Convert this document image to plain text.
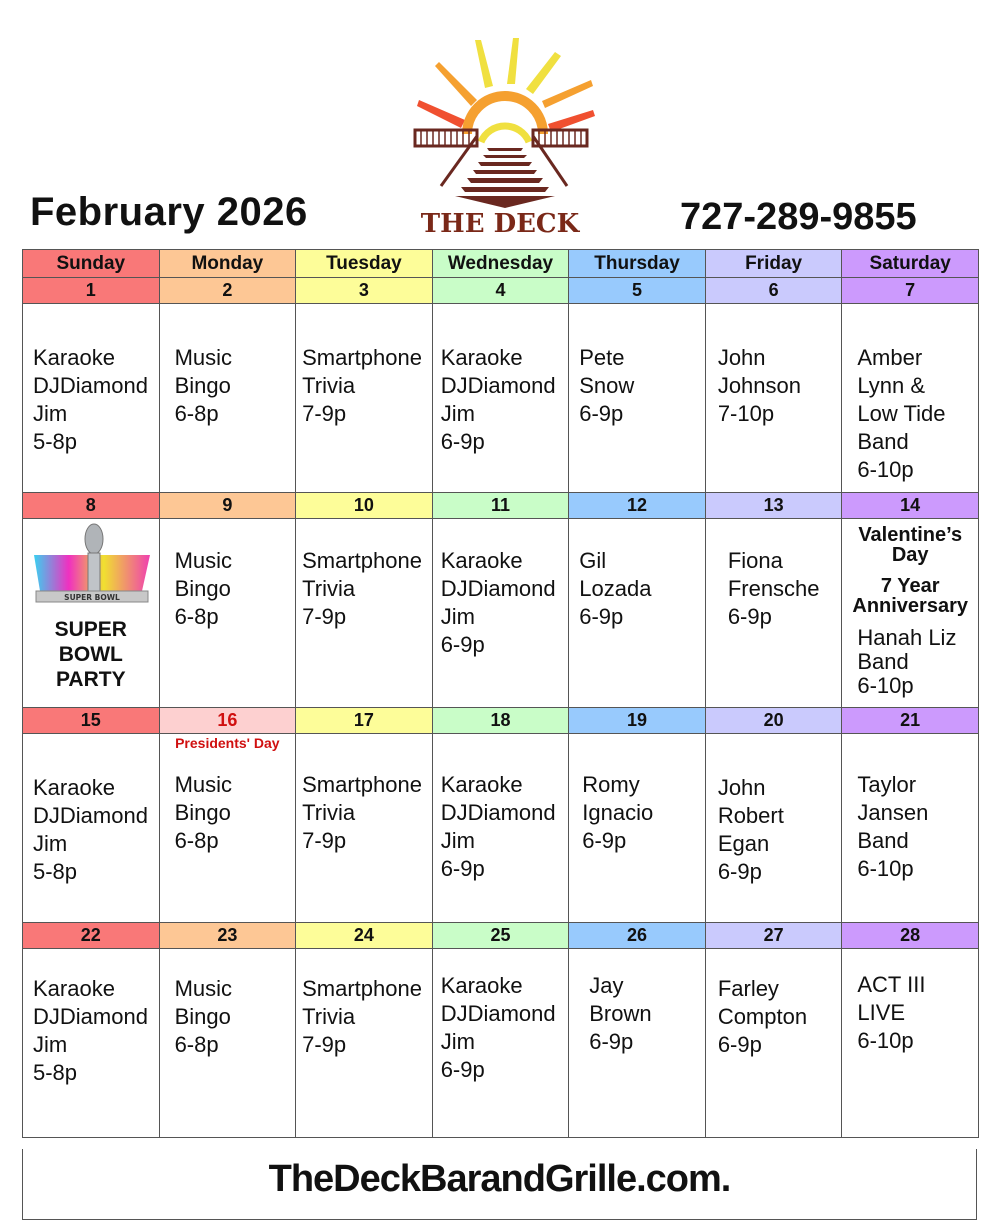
THE DECK
February 2026	727-289-9855
Sunday	Monday	Tuesday	Wednesday	Thursday	Friday	Saturday
1	2	3	4	5	6	7

Karaoke
DJDiamond
Jim
5-8p

Music
Bingo
6-8p

Smartphone
Trivia
7-9p

Karaoke
DJDiamond
Jim
6-9p

Pete
Snow
6-9p

John
Johnson
7-10p

Amber
Lynn &
Low Tide
Band
6-10p

8	9	10	11	12	13	14

SUPER BOWL
SUPER
BOWL
PARTY

Music
Bingo
6-8p

Smartphone
Trivia
7-9p

Karaoke
DJDiamond
Jim
6-9p

Gil
Lozada
6-9p

Fiona
Frensche
6-9p

Valentine’s
Day
7 Year
Anniversary
Hanah Liz
Band
6-10p

15	16	17	18	19	20	21

Karaoke
DJDiamond
Jim
5-8p

Presidents' Day
Music
Bingo
6-8p

Smartphone
Trivia
7-9p

Karaoke
DJDiamond
Jim
6-9p

Romy
Ignacio
6-9p

John
Robert
Egan
6-9p

Taylor
Jansen
Band
6-10p

22	23	24	25	26	27	28

Karaoke
DJDiamond
Jim
5-8p

Music
Bingo
6-8p

Smartphone
Trivia
7-9p

Karaoke
DJDiamond
Jim
6-9p

Jay
Brown
6-9p

Farley
Compton
6-9p

ACT III
LIVE
6-10p
TheDeckBarandGrille.com.
